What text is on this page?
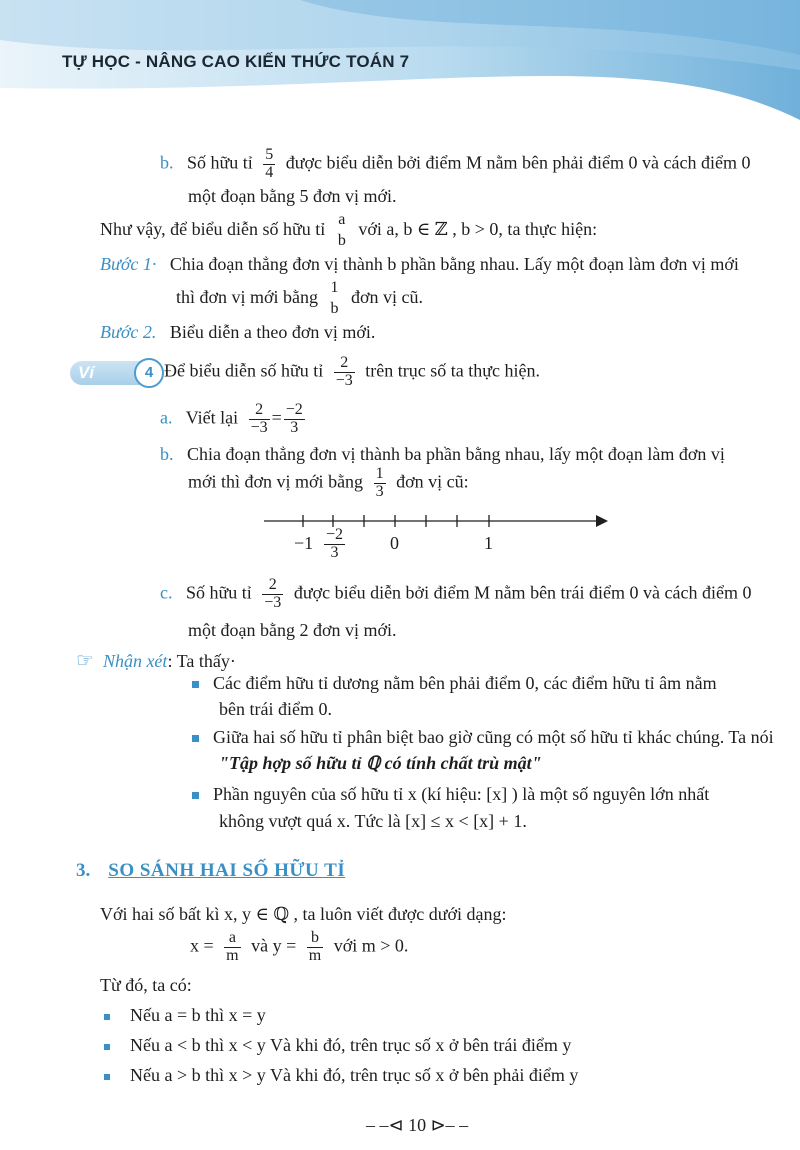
TỰ HỌC - NÂNG CAO KIẾN THỨC TOÁN 7
b. Số hữu tỉ $\frac{5}{4}$ được biểu diễn bởi điểm M nằm bên phải điểm 0 và cách điểm 0
một đoạn bằng 5 đơn vị mới.
Như vậy, để biểu diễn số hữu tỉ a
b
với a, b ∈ ℤ , b > 0, ta thực hiện:
Bước 1· Chia đoạn thẳng đơn vị thành b phần bằng nhau. Lấy một đoạn làm đơn vị mới
thì đơn vị mới bằng 1
b
đơn vị cũ.
Bước 2. Biểu diễn a theo đơn vị mới.
Ví dụ
4 Để biểu diễn số hữu tỉ $\frac{2}{-3}$ trên trục số ta thực hiện.
a. Viết lại $\frac{2}{-3} = \frac{-2}{3}$
b. Chia đoạn thẳng đơn vị thành ba phần bằng nhau, lấy một đoạn làm đơn vị
mới thì đơn vị mới bằng $\frac{1}{3}$ đơn vị cũ:
$-1 \frac{-2}{3} 0$	1
c. Số hữu tỉ $\frac{2}{-3}$ được biểu diễn bởi điểm M nằm bên trái điểm 0 và cách điểm 0
một đoạn bằng 2 đơn vị mới.
☞ Nhận xét: Ta thấy·
Các điểm hữu tỉ dương nằm bên phải điểm 0, các điểm hữu tỉ âm nằm
bên trái điểm 0.
Giữa hai số hữu tỉ phân biệt bao giờ cũng có một số hữu tỉ khác chúng. Ta nói
"Tập hợp số hữu tỉ ℚ có tính chất trù mật"
Phần nguyên của số hữu tỉ x (kí hiệu: [x] ) là một số nguyên lớn nhất
không vượt quá x. Tức là [x] ≤ x < [x] + 1.
3. SO SÁNH HAI SỐ HỮU TỈ
Với hai số bất kì x, y ∈ ℚ , ta luôn viết được dưới dạng:
$x = \frac{a}{m}$ và $y = \frac{b}{m}$ với m > 0.
Từ đó, ta có:
Nếu a = b thì x = y
Nếu a < b thì x < y Và khi đó, trên trục số x ở bên trái điểm y
Nếu a > b thì x > y Và khi đó, trên trục số x ở bên phải điểm y
– –⊲ 10 ⊳– –
